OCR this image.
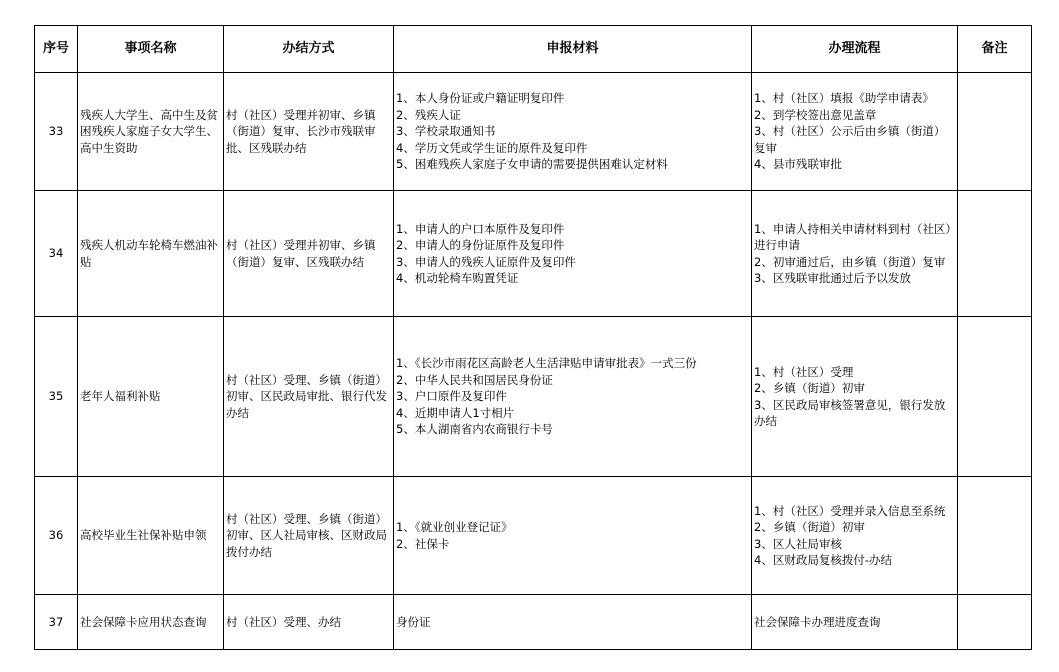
序号	事项名称	办结方式	申报材料	办理流程	备注
33	残疾人大学生、高中生及贫困残疾人家庭子女大学生、高中生资助	村（社区）受理并初审、乡镇（街道）复审、长沙市残联审批、区残联办结	1、本人身份证或户籍证明复印件
2、残疾人证
3、学校录取通知书
4、学历文凭或学生证的原件及复印件
5、困难残疾人家庭子女申请的需要提供困难认定材料	1、村（社区）填报《助学申请表》
2、到学校签出意见盖章
3、村（社区）公示后由乡镇（街道）复审
4、县市残联审批	

34	残疾人机动车轮椅车燃油补贴	村（社区）受理并初审、乡镇（街道）复审、区残联办结	1、申请人的户口本原件及复印件
2、申请人的身份证原件及复印件
3、申请人的残疾人证原件及复印件
4、机动轮椅车购置凭证	1、申请人持相关申请材料到村（社区）进行申请
2、初审通过后，由乡镇（街道）复审
3、区残联审批通过后予以发放	

35	老年人福利补贴	村（社区）受理、乡镇（街道）初审、区民政局审批、银行代发办结	1、《长沙市雨花区高龄老人生活津贴申请审批表》一式三份
2、中华人民共和国居民身份证
3、户口原件及复印件
4、近期申请人1寸相片
5、本人湖南省内农商银行卡号	1、村（社区）受理
2、乡镇（街道）初审
3、区民政局审核签署意见，银行发放办结	

36	高校毕业生社保补贴申领	村（社区）受理、乡镇（街道）初审、区人社局审核、区财政局拨付办结	1、《就业创业登记证》
2、社保卡	1、村（社区）受理并录入信息至系统
2、乡镇（街道）初审
3、区人社局审核
4、区财政局复核拨付-办结	

37	社会保障卡应用状态查询	村（社区）受理、办结	身份证	社会保障卡办理进度查询	
